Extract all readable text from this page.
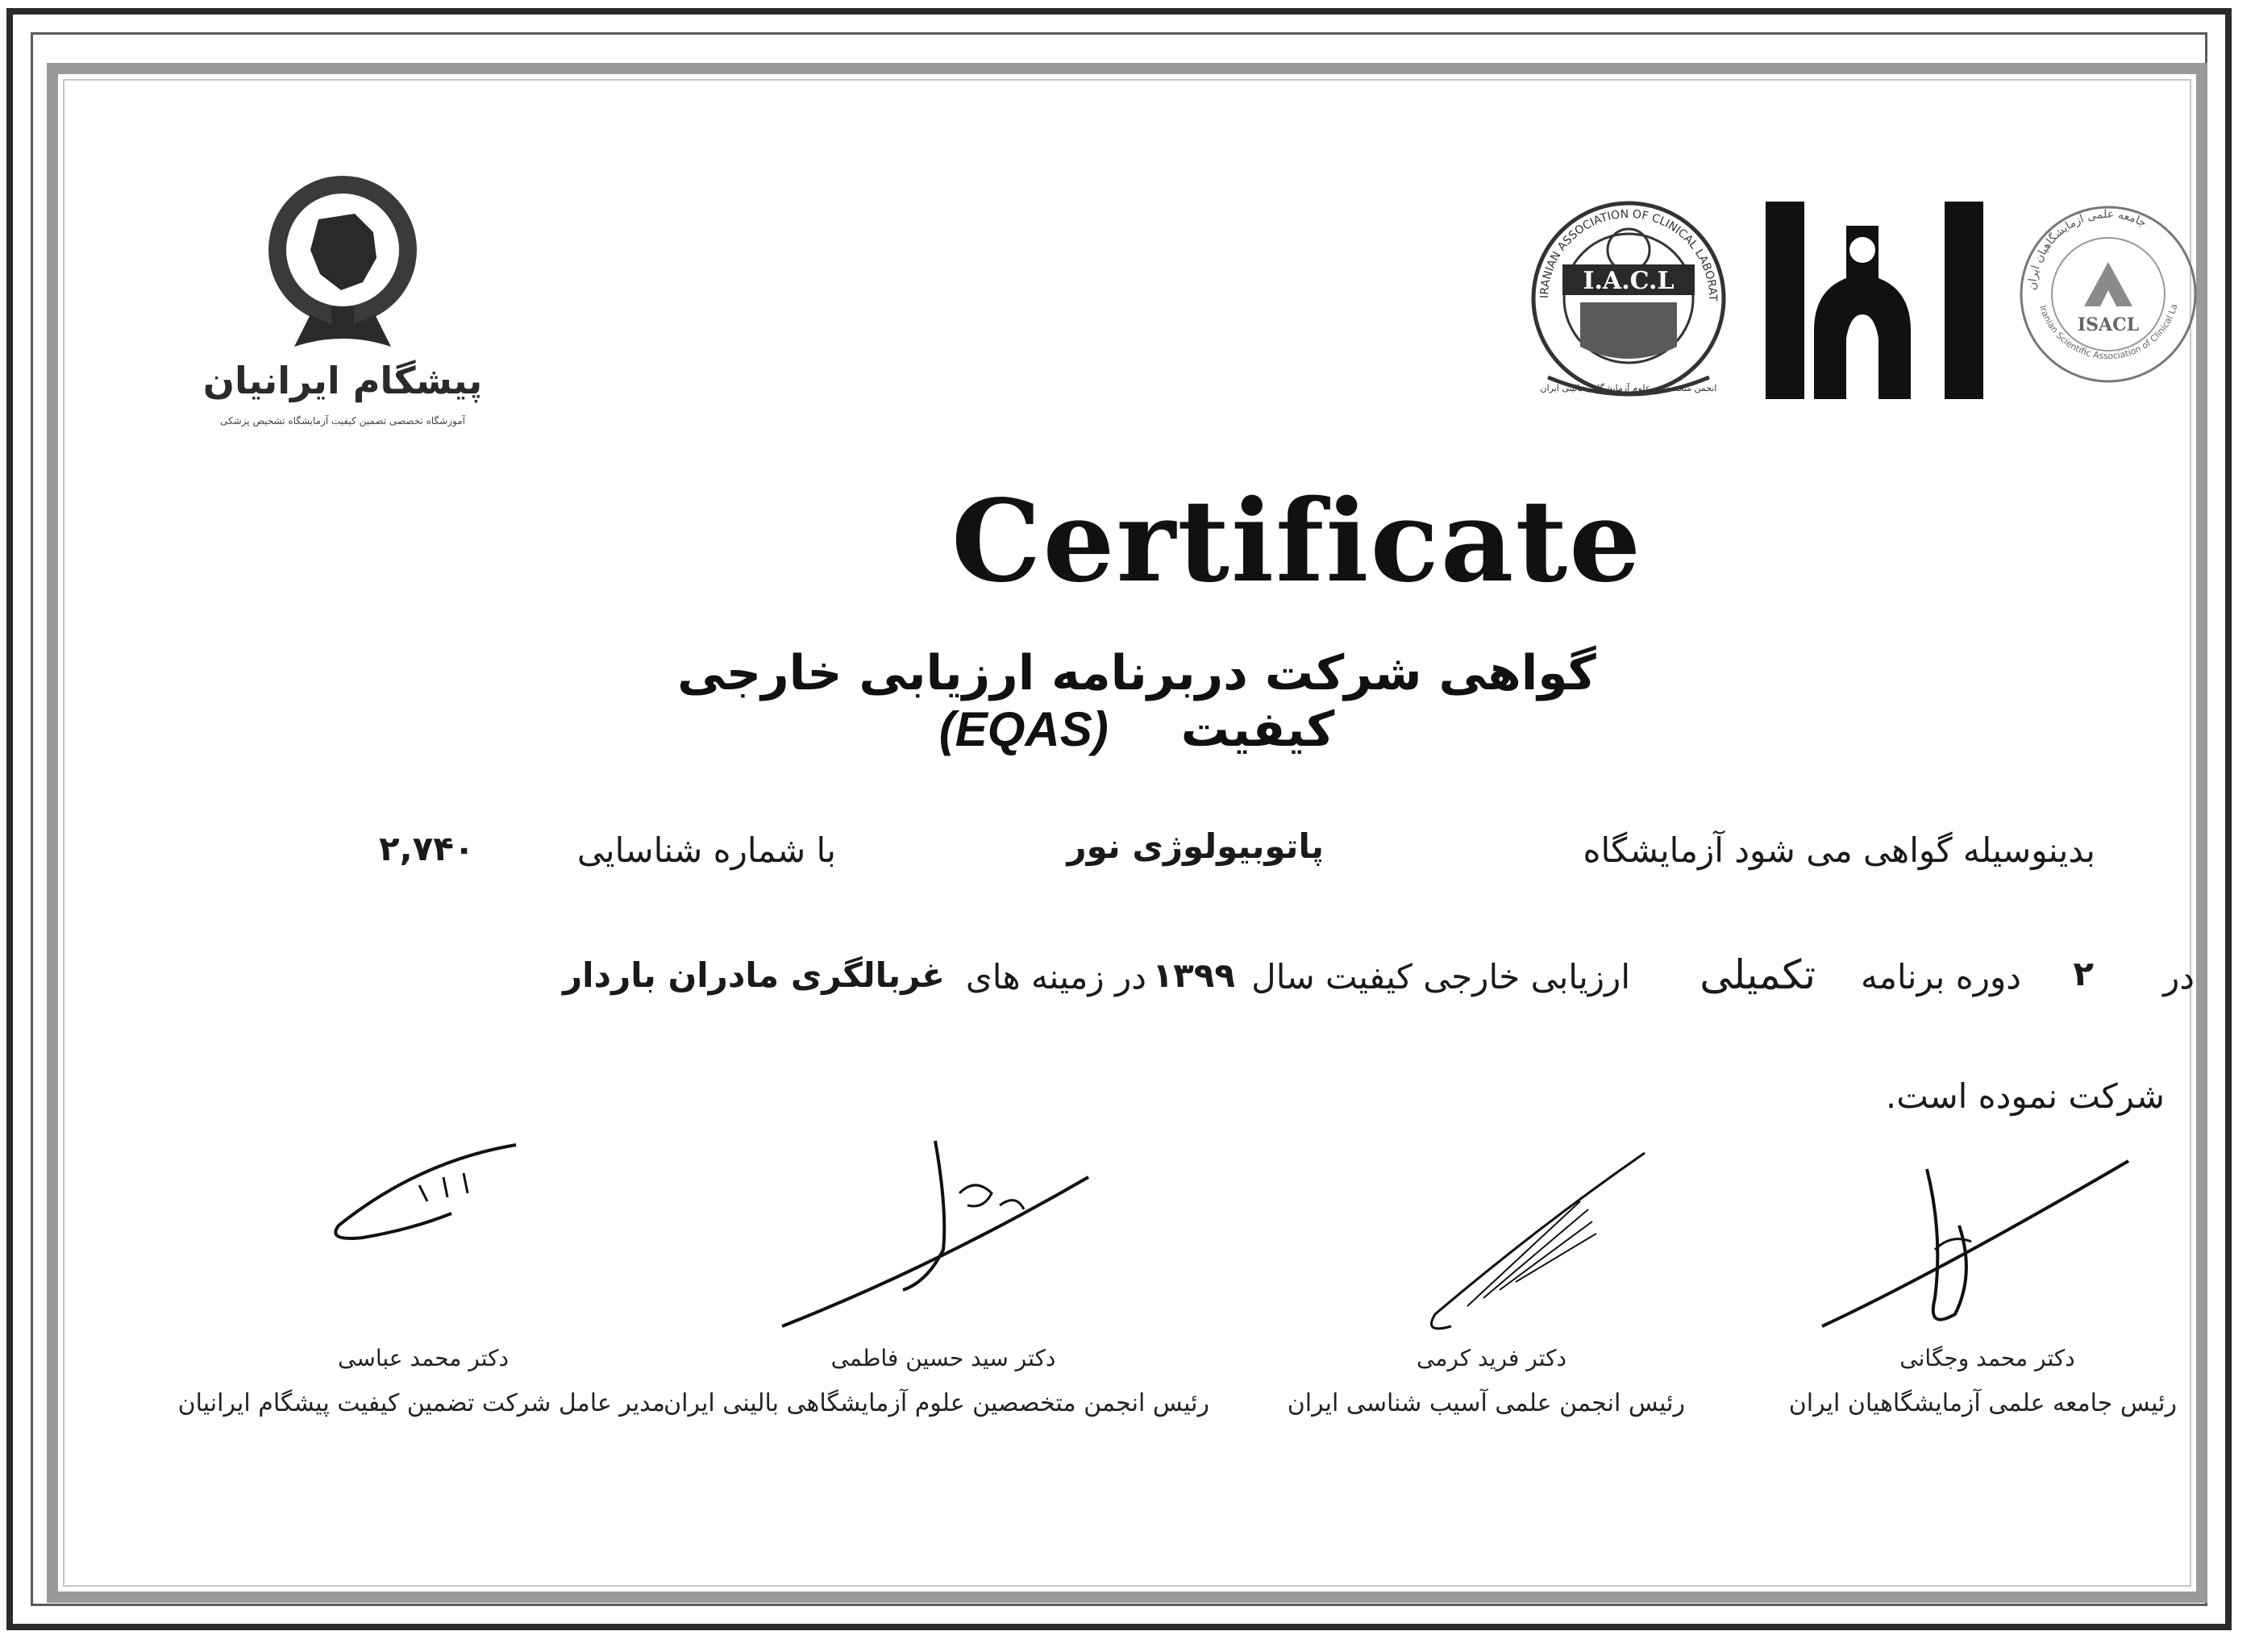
پیشگام ایرانیان
آموزشگاه تخصصی تضمین کیفیت آزمایشگاه تشخیص پزشکی
IRANIAN ASSOCIATION OF CLINICAL LABORAT
I.A.C.L
انجمن متخصصین علوم آزمایشگاهی بالینی ایران
جامعه علمی آزمایشگاهیان ایران
Iranian Scientific Association of Clinical La
ISACL
Certificate
گواهی شرکت دربرنامه ارزیابی خارجی کیفیت(EQAS)
بدینوسیله گواهی می شود آزمایشگاه
پاتوبیولوژی نور
با شماره شناسایی
۲,۷۴۰
در
۲
دوره برنامه
تکمیلی
ارزیابی خارجی کیفیت سال
۱۳۹۹
در زمینه های
غربالگری مادران باردار
شرکت نموده است.
دکتر محمد وجگانی
رئیس جامعه علمی آزمایشگاهیان ایران
دکتر فرید کرمی
رئیس انجمن علمی آسیب شناسی ایران
دکتر سید حسین فاطمی
رئیس انجمن متخصصین علوم آزمایشگاهی بالینی ایران
دکتر محمد عباسی
مدیر عامل شرکت تضمین کیفیت پیشگام ایرانیان
